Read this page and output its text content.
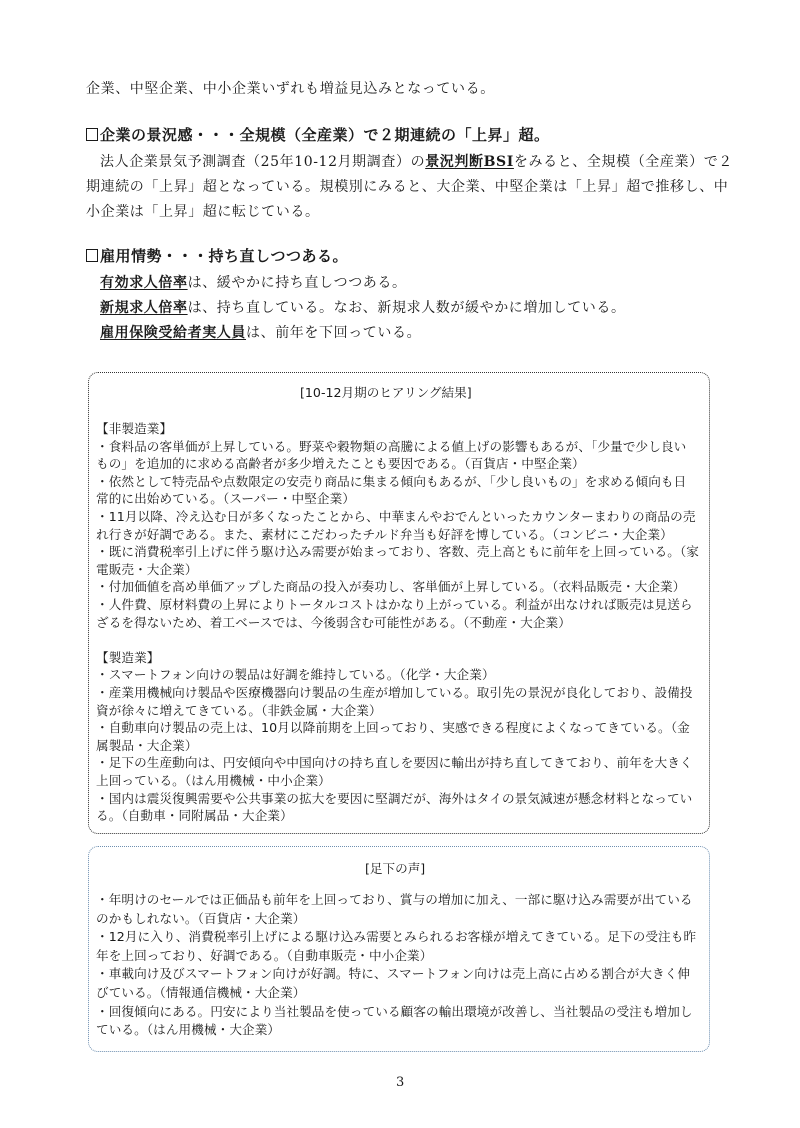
企業、中堅企業、中小企業いずれも増益見込みとなっている。
企業の景況感・・・全規模（全産業）で２期連続の「上昇」超。
法人企業景気予測調査（25年10-12月期調査）の景況判断BSIをみると、全規模（全産業）で２
期連続の「上昇」超となっている。規模別にみると、大企業、中堅企業は「上昇」超で推移し、中
小企業は「上昇」超に転じている。
雇用情勢・・・持ち直しつつある。
有効求人倍率は、緩やかに持ち直しつつある。
新規求人倍率は、持ち直している。なお、新規求人数が緩やかに増加している。
雇用保険受給者実人員は、前年を下回っている。
[10-12月期のヒアリング結果]
【非製造業】
・食料品の客単価が上昇している。野菜や穀物類の高騰による値上げの影響もあるが、「少量で少し良い
もの」を追加的に求める高齢者が多少増えたことも要因である。（百貨店・中堅企業）
・依然として特売品や点数限定の安売り商品に集まる傾向もあるが、「少し良いもの」を求める傾向も日
常的に出始めている。（スーパー・中堅企業）
・11月以降、冷え込む日が多くなったことから、中華まんやおでんといったカウンターまわりの商品の売
れ行きが好調である。また、素材にこだわったチルド弁当も好評を博している。（コンビニ・大企業）
・既に消費税率引上げに伴う駆け込み需要が始まっており、客数、売上高ともに前年を上回っている。（家
電販売・大企業）
・付加価値を高め単価アップした商品の投入が奏功し、客単価が上昇している。（衣料品販売・大企業）
・人件費、原材料費の上昇によりトータルコストはかなり上がっている。利益が出なければ販売は見送ら
ざるを得ないため、着工ベースでは、今後弱含む可能性がある。（不動産・大企業）
【製造業】
・スマートフォン向けの製品は好調を維持している。（化学・大企業）
・産業用機械向け製品や医療機器向け製品の生産が増加している。取引先の景況が良化しており、設備投
資が徐々に増えてきている。（非鉄金属・大企業）
・自動車向け製品の売上は、10月以降前期を上回っており、実感できる程度によくなってきている。（金
属製品・大企業）
・足下の生産動向は、円安傾向や中国向けの持ち直しを要因に輸出が持ち直してきており、前年を大きく
上回っている。（はん用機械・中小企業）
・国内は震災復興需要や公共事業の拡大を要因に堅調だが、海外はタイの景気減速が懸念材料となってい
る。（自動車・同附属品・大企業）
[足下の声]
・年明けのセールでは正価品も前年を上回っており、賞与の増加に加え、一部に駆け込み需要が出ている
のかもしれない。（百貨店・大企業）
・12月に入り、消費税率引上げによる駆け込み需要とみられるお客様が増えてきている。足下の受注も昨
年を上回っており、好調である。（自動車販売・中小企業）
・車載向け及びスマートフォン向けが好調。特に、スマートフォン向けは売上高に占める割合が大きく伸
びている。（情報通信機械・大企業）
・回復傾向にある。円安により当社製品を使っている顧客の輸出環境が改善し、当社製品の受注も増加し
ている。（はん用機械・大企業）
3
